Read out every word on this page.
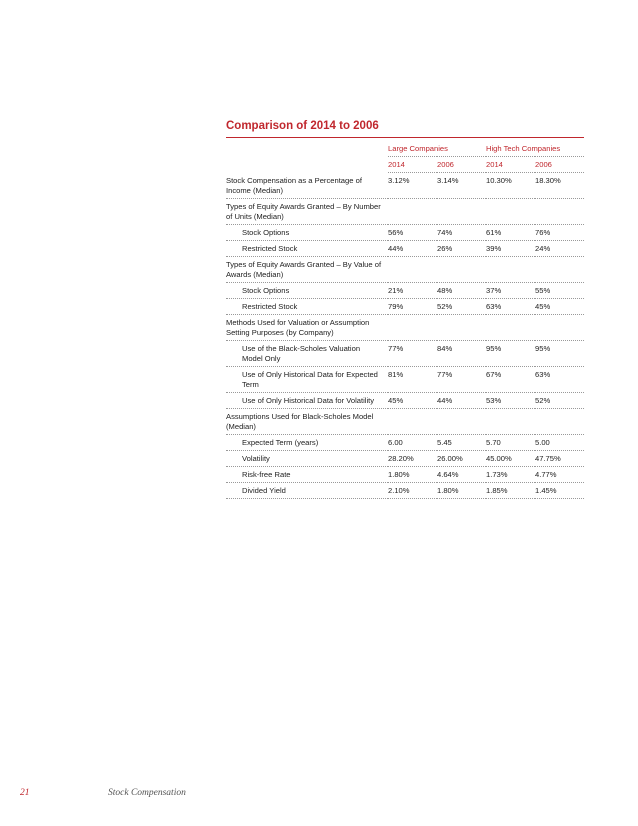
Comparison of 2014 to 2006
	Large Companies		High Tech Companies	
	2014	2006	2014	2006
Stock Compensation as a Percentage of Income (Median)	3.12%	3.14%	10.30%	18.30%
Types of Equity Awards Granted – By Number of Units (Median)				
Stock Options	56%	74%	61%	76%
Restricted Stock	44%	26%	39%	24%
Types of Equity Awards Granted – By Value of Awards (Median)				
Stock Options	21%	48%	37%	55%
Restricted Stock	79%	52%	63%	45%
Methods Used for Valuation or Assumption Setting Purposes (by Company)				
Use of the Black-Scholes Valuation Model Only	77%	84%	95%	95%
Use of Only Historical Data for Expected Term	81%	77%	67%	63%
Use of Only Historical Data for Volatility	45%	44%	53%	52%
Assumptions Used for Black-Scholes Model (Median)				
Expected Term (years)	6.00	5.45	5.70	5.00
Volatility	28.20%	26.00%	45.00%	47.75%
Risk-free Rate	1.80%	4.64%	1.73%	4.77%
Divided Yield	2.10%	1.80%	1.85%	1.45%
21	Stock Compensation
